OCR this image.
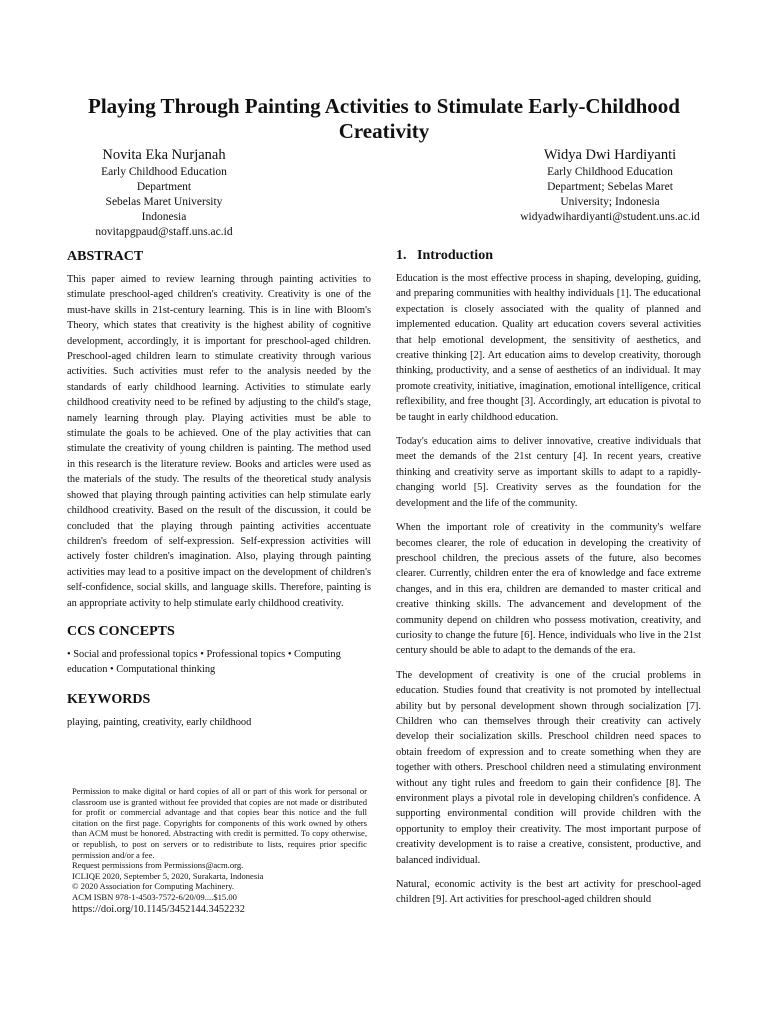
Playing Through Painting Activities to Stimulate Early-Childhood Creativity
Novita Eka Nurjanah
Early Childhood Education
Department
Sebelas Maret University
Indonesia
novitapgpaud@staff.uns.ac.id
Widya Dwi Hardiyanti
Early Childhood Education
Department; Sebelas Maret
University; Indonesia
widyadwihardiyanti@student.uns.ac.id
ABSTRACT

This paper aimed to review learning through painting activities to stimulate preschool-aged children's creativity. Creativity is one of the must-have skills in 21st-century learning. This is in line with Bloom's Theory, which states that creativity is the highest ability of cognitive development, accordingly, it is important for preschool-aged children. Preschool-aged children learn to stimulate creativity through various activities. Such activities must refer to the analysis needed by the standards of early childhood learning. Activities to stimulate early childhood creativity need to be refined by adjusting to the child's stage, namely learning through play. Playing activities must be able to stimulate the goals to be achieved. One of the play activities that can stimulate the creativity of young children is painting. The method used in this research is the literature review. Books and articles were used as the materials of the study. The results of the theoretical study analysis showed that playing through painting activities can help stimulate early childhood creativity. Based on the result of the discussion, it could be concluded that the playing through painting activities accentuate children's freedom of self-expression. Self-expression activities will actively foster children's imagination. Also, playing through painting activities may lead to a positive impact on the development of children's self-confidence, social skills, and language skills. Therefore, painting is an appropriate activity to help stimulate early childhood creativity.

CCS CONCEPTS

• Social and professional topics • Professional topics • Computing education • Computational thinking

KEYWORDS

playing, painting, creativity, early childhood

Permission to make digital or hard copies of all or part of this work for personal or classroom use is granted without fee provided that copies are not made or distributed for profit or commercial advantage and that copies bear this notice and the full citation on the first page. Copyrights for components of this work owned by others than ACM must be honored. Abstracting with credit is permitted. To copy otherwise, or republish, to post on servers or to redistribute to lists, requires prior specific permission and/or a fee.
Request permissions from Permissions@acm.org.
ICLIQE 2020, September 5, 2020, Surakarta, Indonesia
© 2020 Association for Computing Machinery.
ACM ISBN 978-1-4503-7572-6/20/09....$15.00
https://doi.org/10.1145/3452144.3452232
1.   Introduction

Education is the most effective process in shaping, developing, guiding, and preparing communities with healthy individuals [1]. The educational expectation is closely associated with the quality of planned and implemented education. Quality art education covers several activities that help emotional development, the sensitivity of aesthetics, and creative thinking [2]. Art education aims to develop creativity, thorough thinking, productivity, and a sense of aesthetics of an individual. It may promote creativity, initiative, imagination, emotional intelligence, critical reflexibility, and free thought [3]. Accordingly, art education is pivotal to be taught in early childhood education.

Today's education aims to deliver innovative, creative individuals that meet the demands of the 21st century [4]. In recent years, creative thinking and creativity serve as important skills to adapt to a rapidly-changing world [5]. Creativity serves as the foundation for the development and the life of the community.

When the important role of creativity in the community's welfare becomes clearer, the role of education in developing the creativity of preschool children, the precious assets of the future, also becomes clearer. Currently, children enter the era of knowledge and face extreme changes, and in this era, children are demanded to master critical and creative thinking skills. The advancement and development of the community depend on children who possess motivation, creativity, and curiosity to change the future [6]. Hence, individuals who live in the 21st century should be able to adapt to the demands of the era.

The development of creativity is one of the crucial problems in education. Studies found that creativity is not promoted by intellectual ability but by personal development shown through socialization [7]. Children who can themselves through their creativity can actively develop their socialization skills. Preschool children need spaces to obtain freedom of expression and to create something when they are together with others. Preschool children need a stimulating environment without any tight rules and freedom to gain their confidence [8]. The environment plays a pivotal role in developing children's confidence. A supporting environmental condition will provide children with the opportunity to employ their creativity. The most important purpose of creativity development is to raise a creative, consistent, productive, and balanced individual.

Natural, economic activity is the best art activity for preschool-aged children [9]. Art activities for preschool-aged children should
